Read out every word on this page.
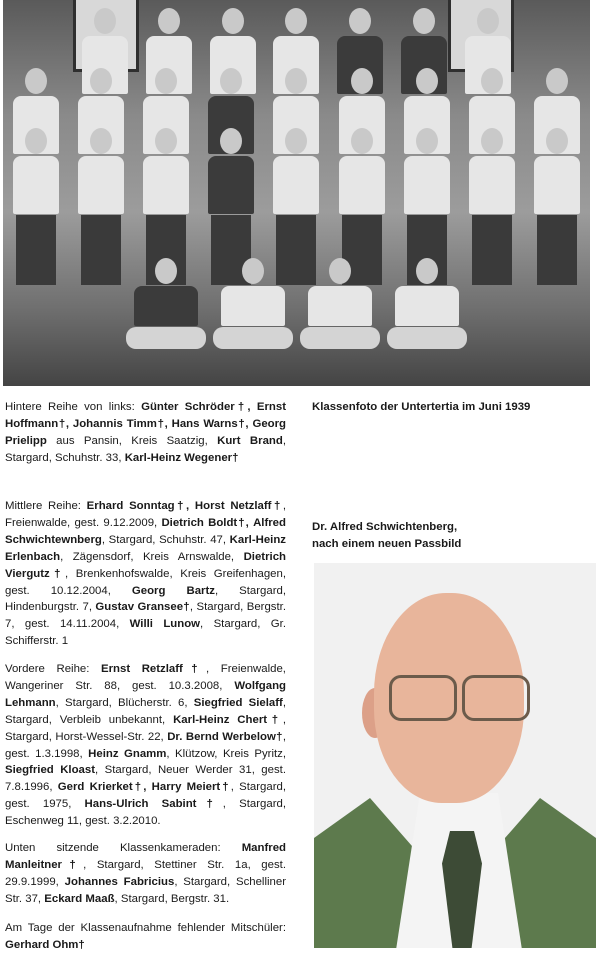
Klassenfoto der Untertertia im Juni 1939
Hintere Reihe von links: Günter Schröder†, Ernst Hoffmann†, Johannis Timm†, Hans Warns†, Georg Prielipp aus Pansin, Kreis Saatzig, Kurt Brand, Stargard, Schuhstr. 33, Karl-Heinz Wegener†
Mittlere Reihe: Erhard Sonntag†, Horst Netzlaff†, Freienwalde, gest. 9.12.2009, Dietrich Boldt†, Alfred Schwichtewnberg, Stargard, Schuhstr. 47, Karl-Heinz Erlenbach, Zägensdorf, Kreis Arnswalde, Dietrich Viergutz†, Brenkenhofswalde, Kreis Greifenhagen, gest. 10.12.2004, Georg Bartz, Stargard, Hindenburgstr. 7, Gustav Gransee†, Stargard, Bergstr. 7, gest. 14.11.2004, Willi Lunow, Stargard, Gr. Schifferstr. 1
Vordere Reihe: Ernst Retzlaff†, Freienwalde, Wangeriner Str. 88, gest. 10.3.2008, Wolfgang Lehmann, Stargard, Blücherstr. 6, Siegfried Sielaff, Stargard, Verbleib unbekannt, Karl-Heinz Chert†, Stargard, Horst-Wessel-Str. 22, Dr. Bernd Werbelow†, gest. 1.3.1998, Heinz Gnamm, Klützow, Kreis Pyritz, Siegfried Kloast, Stargard, Neuer Werder 31, gest. 7.8.1996, Gerd Krierket†, Harry Meiert†, Stargard, gest. 1975, Hans-Ulrich Sabint†, Stargard, Eschenweg 11, gest. 3.2.2010.
Unten sitzende Klassenkameraden: Manfred Manleitner†, Stargard, Stettiner Str. 1a, gest. 29.9.1999, Johannes Fabricius, Stargard, Schelliner Str. 37, Eckard Maaß, Stargard, Bergstr. 31.
Am Tage der Klassenaufnahme fehlender Mitschüler: Gerhard Ohm†
Dr. Alfred Schwichtenberg,
nach einem neuen Passbild
